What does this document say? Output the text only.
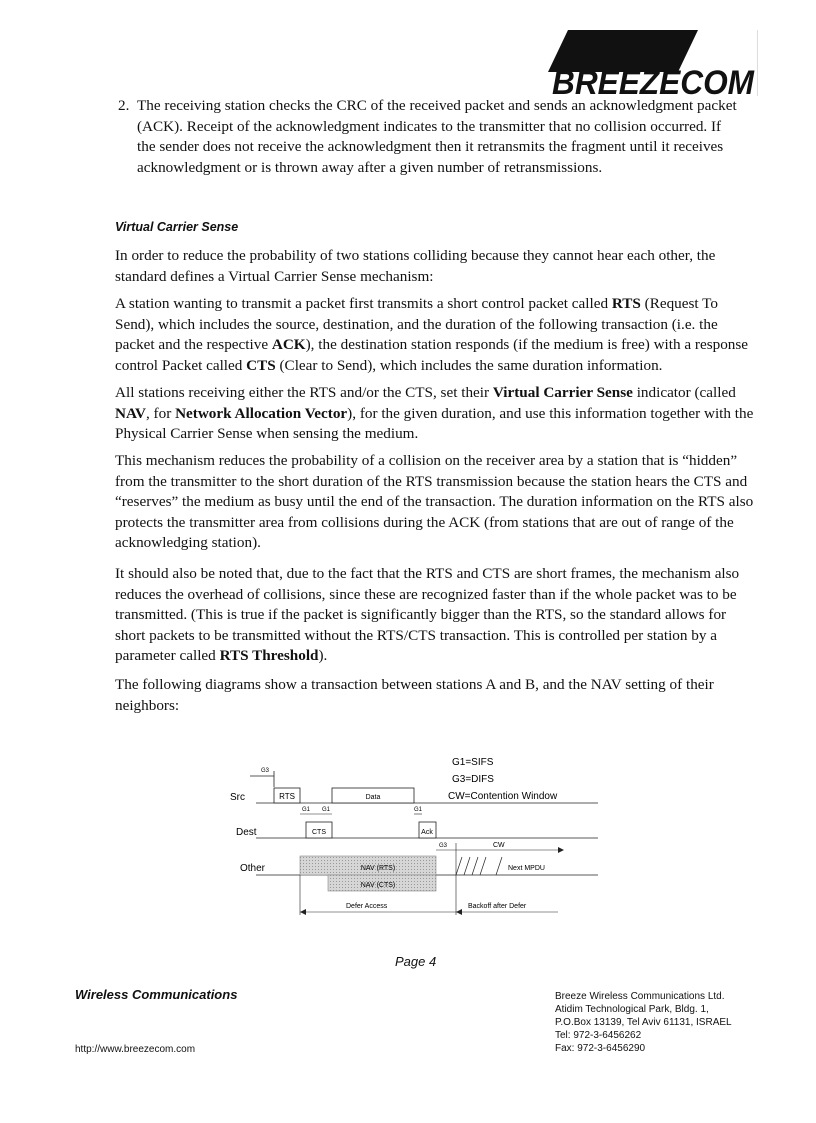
BREEZECOM
2. The receiving station checks the CRC of the received packet and sends an acknowledgment packet (ACK). Receipt of the acknowledgment indicates to the transmitter that no collision occurred. If the sender does not receive the acknowledgment then it retransmits the fragment until it receives acknowledgment or is thrown away after a given number of retransmissions.

Virtual Carrier Sense

In order to reduce the probability of two stations colliding because they cannot hear each other, the standard defines a Virtual Carrier Sense mechanism:

A station wanting to transmit a packet first transmits a short control packet called RTS (Request To Send), which includes the source, destination, and the duration of the following transaction (i.e. the packet and the respective ACK), the destination station responds (if the medium is free) with a response control Packet called CTS (Clear to Send), which includes the same duration information.

All stations receiving either the RTS and/or the CTS, set their Virtual Carrier Sense indicator (called NAV, for Network Allocation Vector), for the given duration, and use this information together with the Physical Carrier Sense when sensing the medium.

This mechanism reduces the probability of a collision on the receiver area by a station that is “hidden” from the transmitter to the short duration of the RTS transmission because the station hears the CTS and “reserves” the medium as busy until the end of the transaction. The duration information on the RTS also protects the transmitter area from collisions during the ACK (from stations that are out of range of the acknowledging station).

It should also be noted that, due to the fact that the RTS and CTS are short frames, the mechanism also reduces the overhead of collisions, since these are recognized faster than if the whole packet was to be transmitted. (This is true if the packet is significantly bigger than the RTS, so the standard allows for short packets to be transmitted without the RTS/CTS transaction. This is controlled per station by a parameter called RTS Threshold).

The following diagrams show a transaction between stations A and B, and the NAV setting of their neighbors:

G1=SIFS
G3=DIFS
CW=Contention Window
Src
Dest
Other
G3
RTS	Data
G1 G1	G1
CTS	Ack
G3	CW
NAV (RTS)
NAV (CTS)
Next MPDU
Defer Access	Backoff after Defer
Page 4
Wireless Communications
http://www.breezecom.com
Breeze Wireless Communications Ltd.
Atidim Technological Park, Bldg. 1,
P.O.Box 13139, Tel Aviv 61131, ISRAEL
Tel: 972-3-6456262
Fax: 972-3-6456290
